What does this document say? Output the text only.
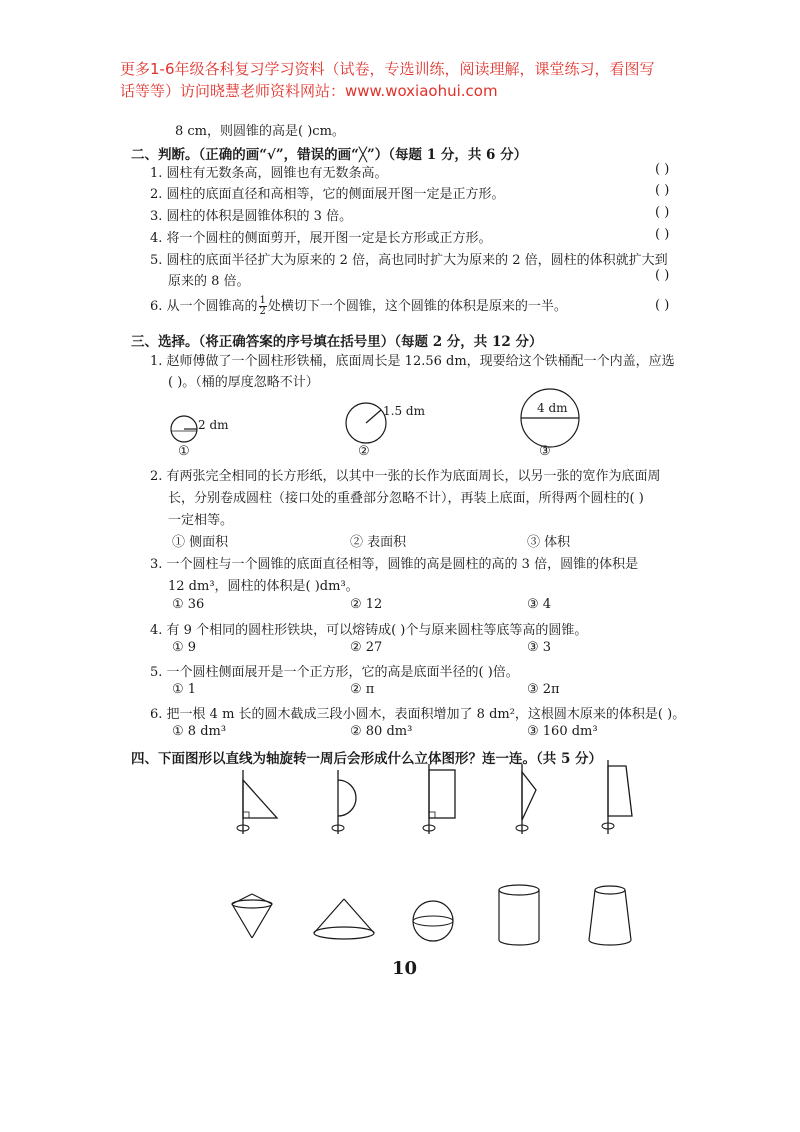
更多1-6年级各科复习学习资料（试卷，专选训练，阅读理解，课堂练习，看图写
话等等）访问晓慧老师资料网站：www.woxiaohui.com
8 cm，则圆锥的高是( )cm。
二、判断。（正确的画“√”，错误的画“╳”）（每题 1 分，共 6 分）
1. 圆柱有无数条高，圆锥也有无数条高。	( )
2. 圆柱的底面直径和高相等，它的侧面展开图一定是正方形。	( )
3. 圆柱的体积是圆锥体积的 3 倍。	( )
4. 将一个圆柱的侧面剪开，展开图一定是长方形或正方形。	( )
5. 圆柱的底面半径扩大为原来的 2 倍，高也同时扩大为原来的 2 倍，圆柱的体积就扩大到
原来的 8 倍。	( )
6. 从一个圆锥高的 $\frac{1}{2}$ 处横切下一个圆锥，这个圆锥的体积是原来的一半。	( )
三、选择。（将正确答案的序号填在括号里）（每题 2 分，共 12 分）
1. 赵师傅做了一个圆柱形铁桶，底面周长是 12.56 dm，现要给这个铁桶配一个内盖，应选
( )。（桶的厚度忽略不计）
2 dm
①
1.5 dm
②
4 dm
③
2. 有两张完全相同的长方形纸，以其中一张的长作为底面周长，以另一张的宽作为底面周
长，分别卷成圆柱（接口处的重叠部分忽略不计），再装上底面，所得两个圆柱的( )
一定相等。
① 侧面积	② 表面积	③ 体积
3. 一个圆柱与一个圆锥的底面直径相等，圆锥的高是圆柱的高的 3 倍，圆锥的体积是
12 dm³，圆柱的体积是( )dm³。
① 36	② 12	③ 4
4. 有 9 个相同的圆柱形铁块，可以熔铸成( )个与原来圆柱等底等高的圆锥。
① 9	② 27	③ 3
5. 一个圆柱侧面展开是一个正方形，它的高是底面半径的( )倍。
① 1	② π	③ 2π
6. 把一根 4 m 长的圆木截成三段小圆木，表面积增加了 8 dm²，这根圆木原来的体积是( )。
① 8 dm³	② 80 dm³	③ 160 dm³
四、下面图形以直线为轴旋转一周后会形成什么立体图形？连一连。（共 5 分）
10
